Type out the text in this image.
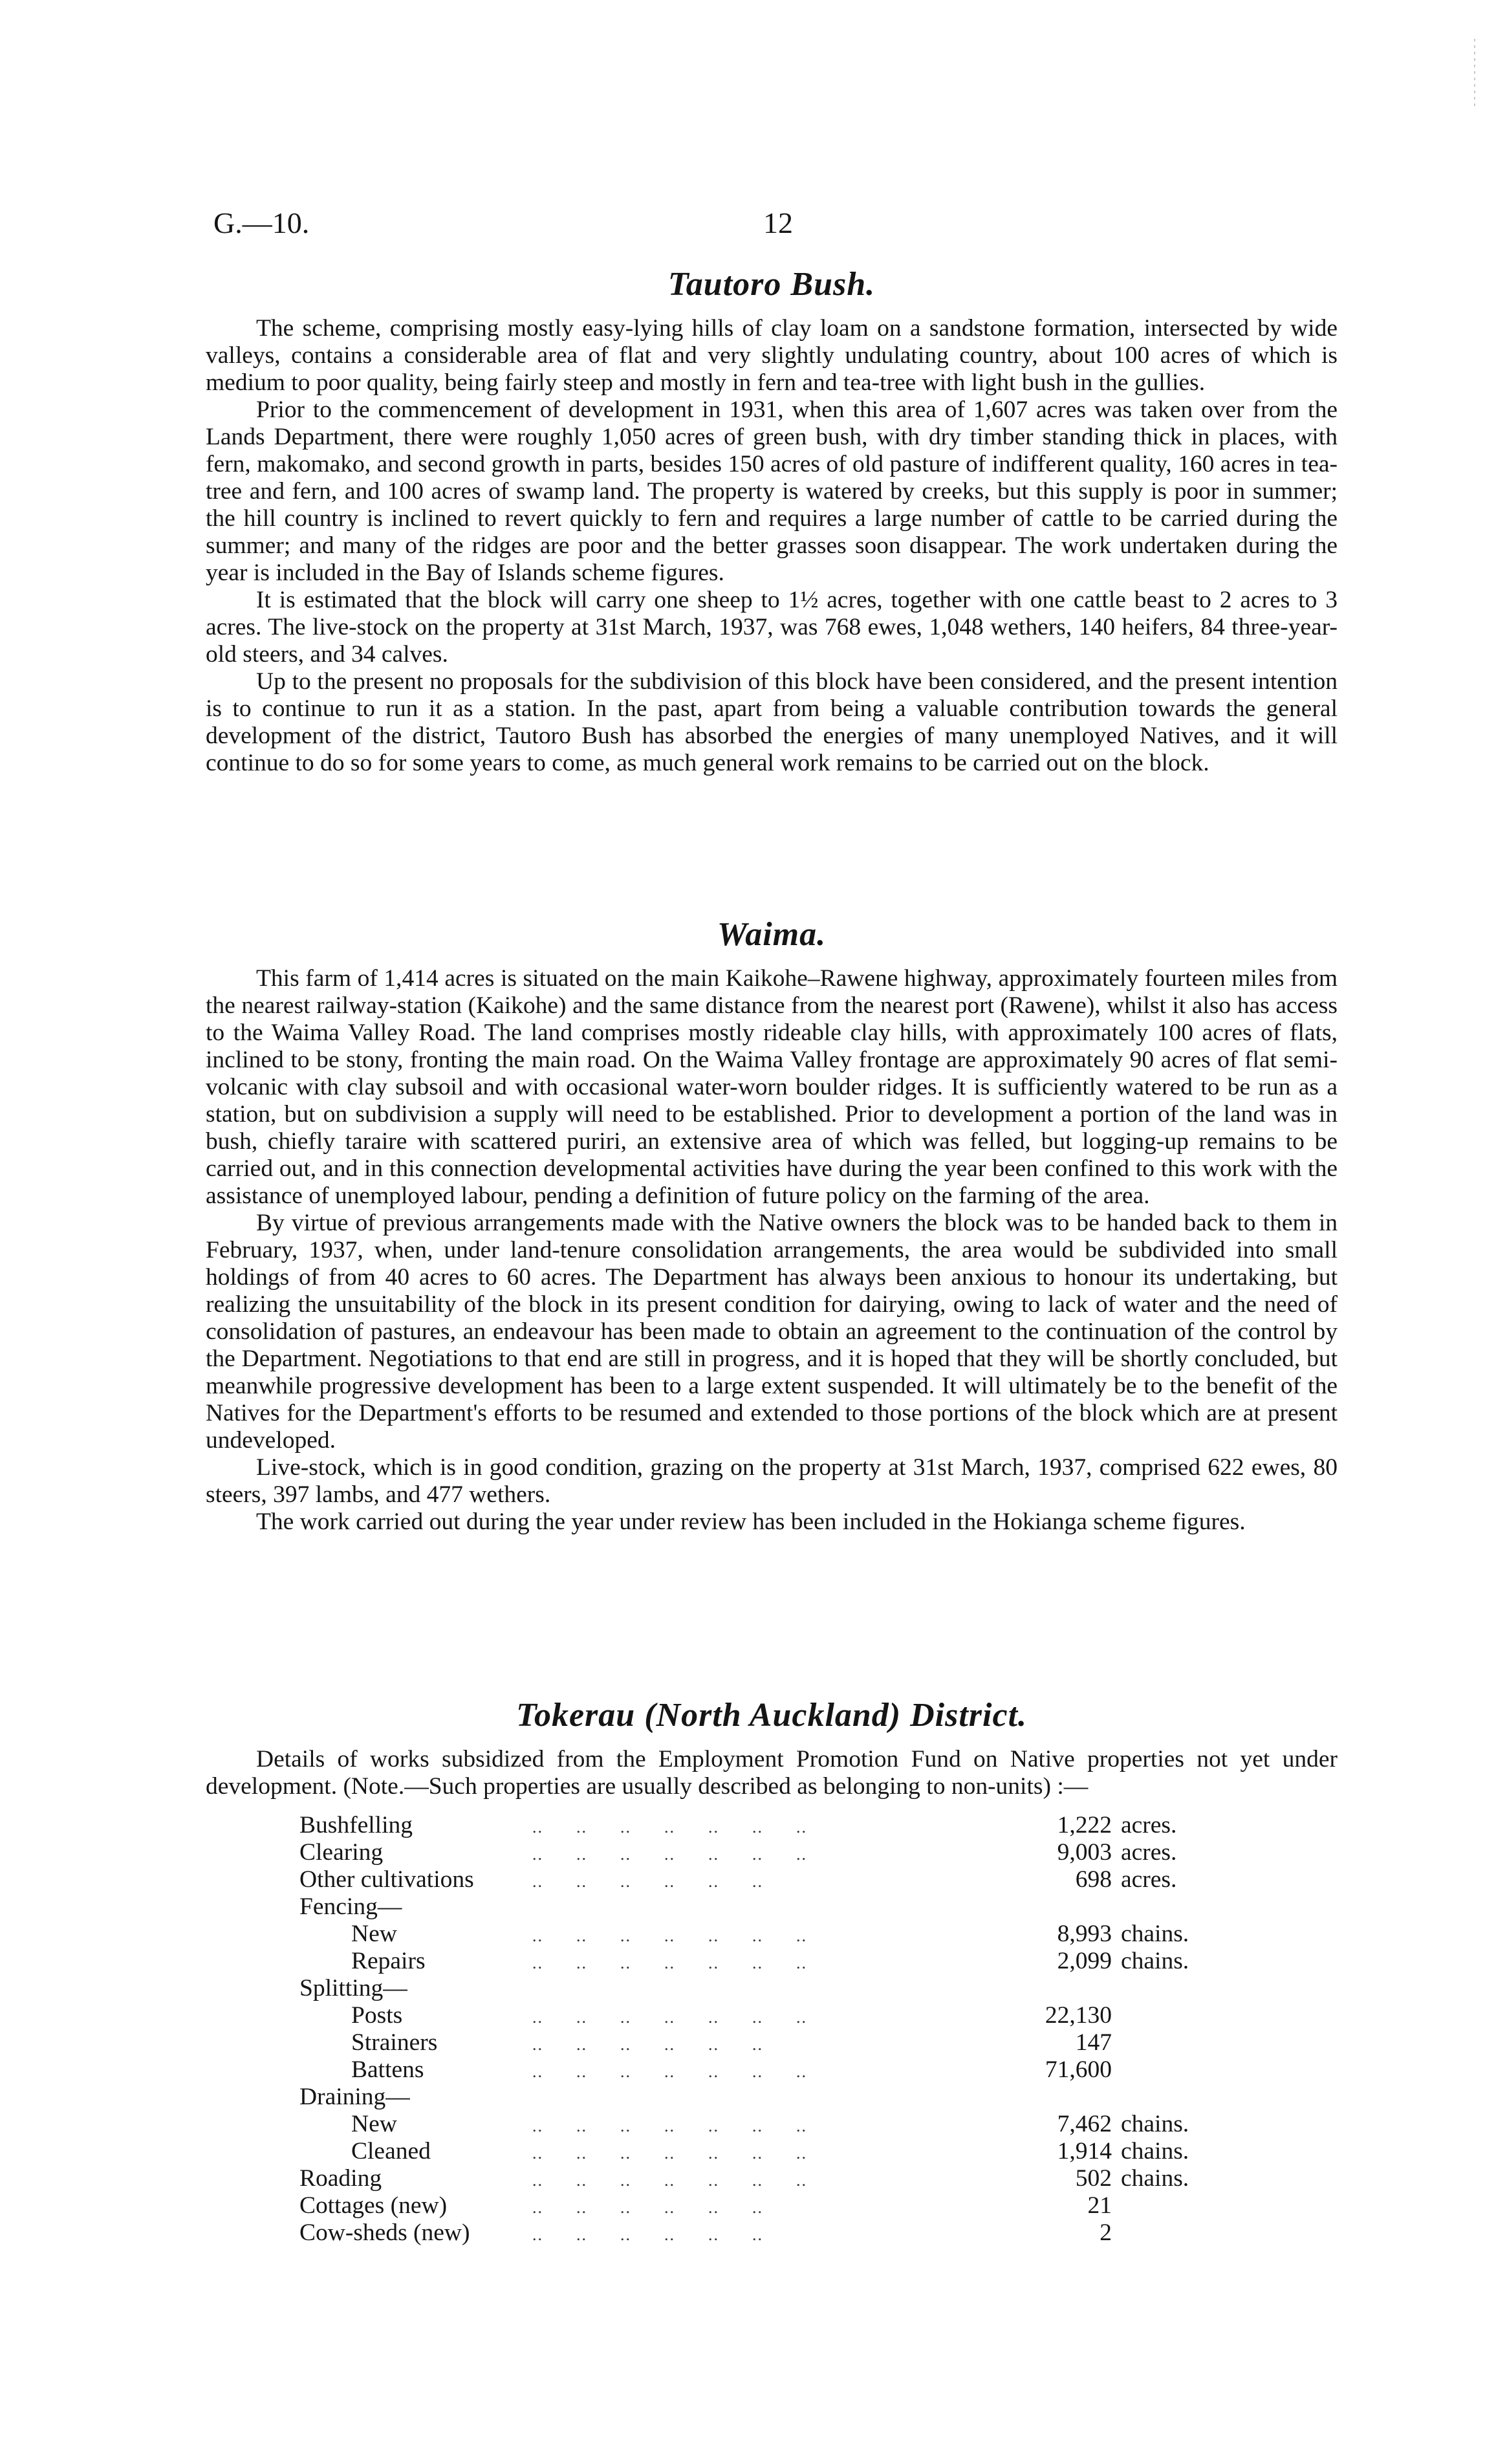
G.—10.	12
Tautoro Bush.

The scheme, comprising mostly easy-lying hills of clay loam on a sandstone formation, intersected by wide valleys, contains a considerable area of flat and very slightly undulating country, about 100 acres of which is medium to poor quality, being fairly steep and mostly in fern and tea-tree with light bush in the gullies.

Prior to the commencement of development in 1931, when this area of 1,607 acres was taken over from the Lands Department, there were roughly 1,050 acres of green bush, with dry timber standing thick in places, with fern, makomako, and second growth in parts, besides 150 acres of old pasture of indifferent quality, 160 acres in tea-tree and fern, and 100 acres of swamp land. The property is watered by creeks, but this supply is poor in summer; the hill country is inclined to revert quickly to fern and requires a large number of cattle to be carried during the summer; and many of the ridges are poor and the better grasses soon disappear. The work undertaken during the year is included in the Bay of Islands scheme figures.

It is estimated that the block will carry one sheep to 1½ acres, together with one cattle beast to 2 acres to 3 acres. The live-stock on the property at 31st March, 1937, was 768 ewes, 1,048 wethers, 140 heifers, 84 three-year-old steers, and 34 calves.

Up to the present no proposals for the subdivision of this block have been considered, and the present intention is to continue to run it as a station. In the past, apart from being a valuable contribution towards the general development of the district, Tautoro Bush has absorbed the energies of many unemployed Natives, and it will continue to do so for some years to come, as much general work remains to be carried out on the block.

Waima.

This farm of 1,414 acres is situated on the main Kaikohe–Rawene highway, approximately fourteen miles from the nearest railway-station (Kaikohe) and the same distance from the nearest port (Rawene), whilst it also has access to the Waima Valley Road. The land comprises mostly rideable clay hills, with approximately 100 acres of flats, inclined to be stony, fronting the main road. On the Waima Valley frontage are approximately 90 acres of flat semi-volcanic with clay subsoil and with occasional water-worn boulder ridges. It is sufficiently watered to be run as a station, but on subdivision a supply will need to be established. Prior to development a portion of the land was in bush, chiefly taraire with scattered puriri, an extensive area of which was felled, but logging-up remains to be carried out, and in this connection developmental activities have during the year been confined to this work with the assistance of unemployed labour, pending a definition of future policy on the farming of the area.

By virtue of previous arrangements made with the Native owners the block was to be handed back to them in February, 1937, when, under land-tenure consolidation arrangements, the area would be subdivided into small holdings of from 40 acres to 60 acres. The Department has always been anxious to honour its undertaking, but realizing the unsuitability of the block in its present condition for dairying, owing to lack of water and the need of consolidation of pastures, an endeavour has been made to obtain an agreement to the continuation of the control by the Department. Negotiations to that end are still in progress, and it is hoped that they will be shortly concluded, but meanwhile progressive development has been to a large extent suspended. It will ultimately be to the benefit of the Natives for the Department's efforts to be resumed and extended to those portions of the block which are at present undeveloped.

Live-stock, which is in good condition, grazing on the property at 31st March, 1937, comprised 622 ewes, 80 steers, 397 lambs, and 477 wethers.

The work carried out during the year under review has been included in the Hokianga scheme figures.

Tokerau (North Auckland) District.

Details of works subsidized from the Employment Promotion Fund on Native properties not yet under development. (Note.—Such properties are usually described as belonging to non-units) :—

Bushfelling	..      ..      ..      ..      ..      ..      ..	1,222 acres.
Clearing	..      ..      ..      ..      ..      ..      ..	9,003 acres.
Other cultivations	..      ..      ..      ..      ..      ..	698 acres.
Fencing—
New	..      ..      ..      ..      ..      ..      ..	8,993 chains.
Repairs	..      ..      ..      ..      ..      ..      ..	2,099 chains.
Splitting—
Posts	..      ..      ..      ..      ..      ..      ..	22,130
Strainers	..      ..      ..      ..      ..      ..	147
Battens	..      ..      ..      ..      ..      ..      ..	71,600
Draining—
New	..      ..      ..      ..      ..      ..      ..	7,462 chains.
Cleaned	..      ..      ..      ..      ..      ..      ..	1,914 chains.
Roading	..      ..      ..      ..      ..      ..      ..	502 chains.
Cottages (new)	..      ..      ..      ..      ..      ..	21
Cow-sheds (new)	..      ..      ..      ..      ..      ..	2
